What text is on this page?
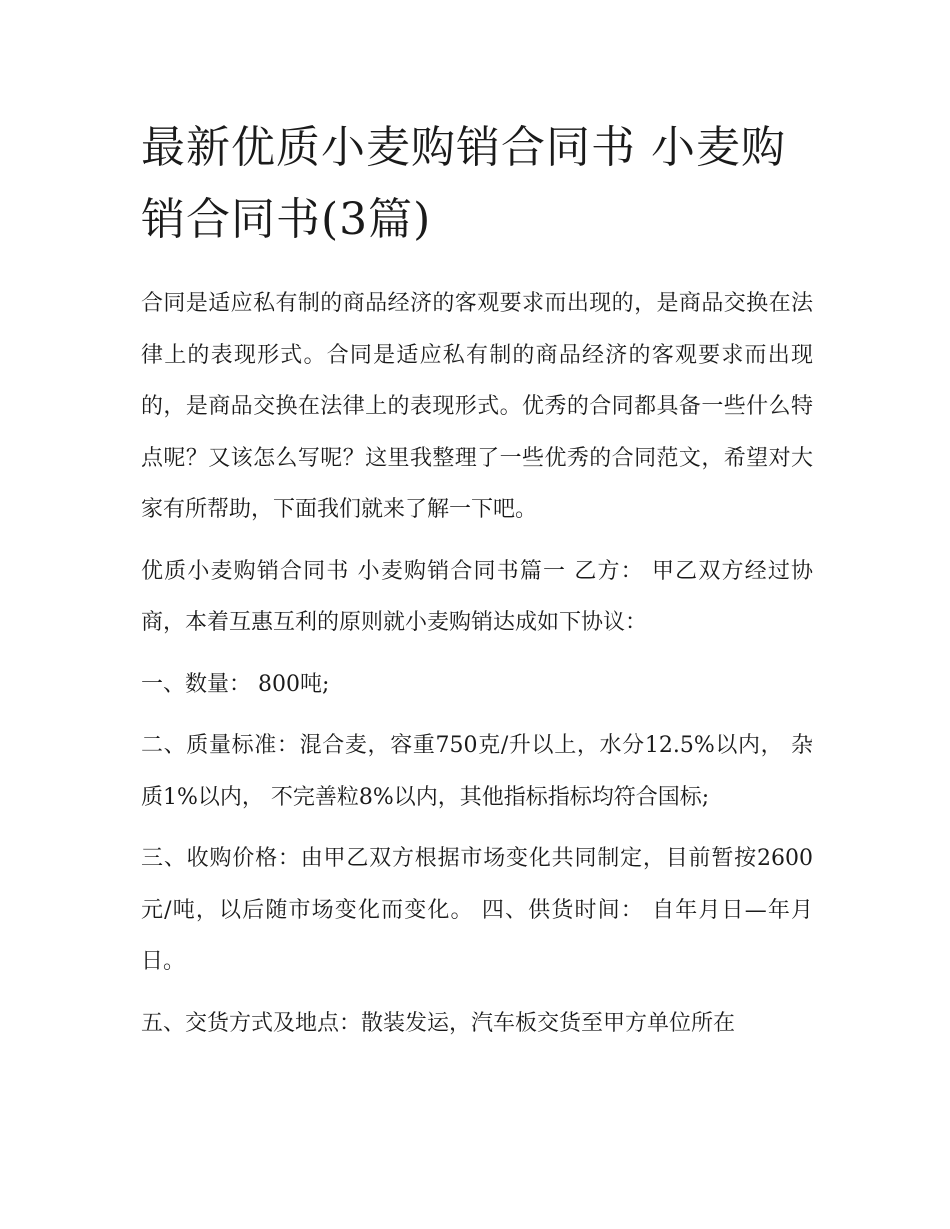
最新优质小麦购销合同书 小麦购销合同书(3篇)

合同是适应私有制的商品经济的客观要求而出现的，是商品交换在法律上的表现形式。合同是适应私有制的商品经济的客观要求而出现的，是商品交换在法律上的表现形式。优秀的合同都具备一些什么特点呢？又该怎么写呢？这里我整理了一些优秀的合同范文，希望对大家有所帮助，下面我们就来了解一下吧。

优质小麦购销合同书 小麦购销合同书篇一 乙方： 甲乙双方经过协商，本着互惠互利的原则就小麦购销达成如下协议：

一、数量： 800吨;

二、质量标准：混合麦，容重750克/升以上，水分12.5%以内， 杂质1%以内， 不完善粒8%以内，其他指标指标均符合国标;

三、收购价格：由甲乙双方根据市场变化共同制定，目前暂按2600元/吨，以后随市场变化而变化。 四、供货时间： 自年月日—年月日。

五、交货方式及地点：散装发运，汽车板交货至甲方单位所在
